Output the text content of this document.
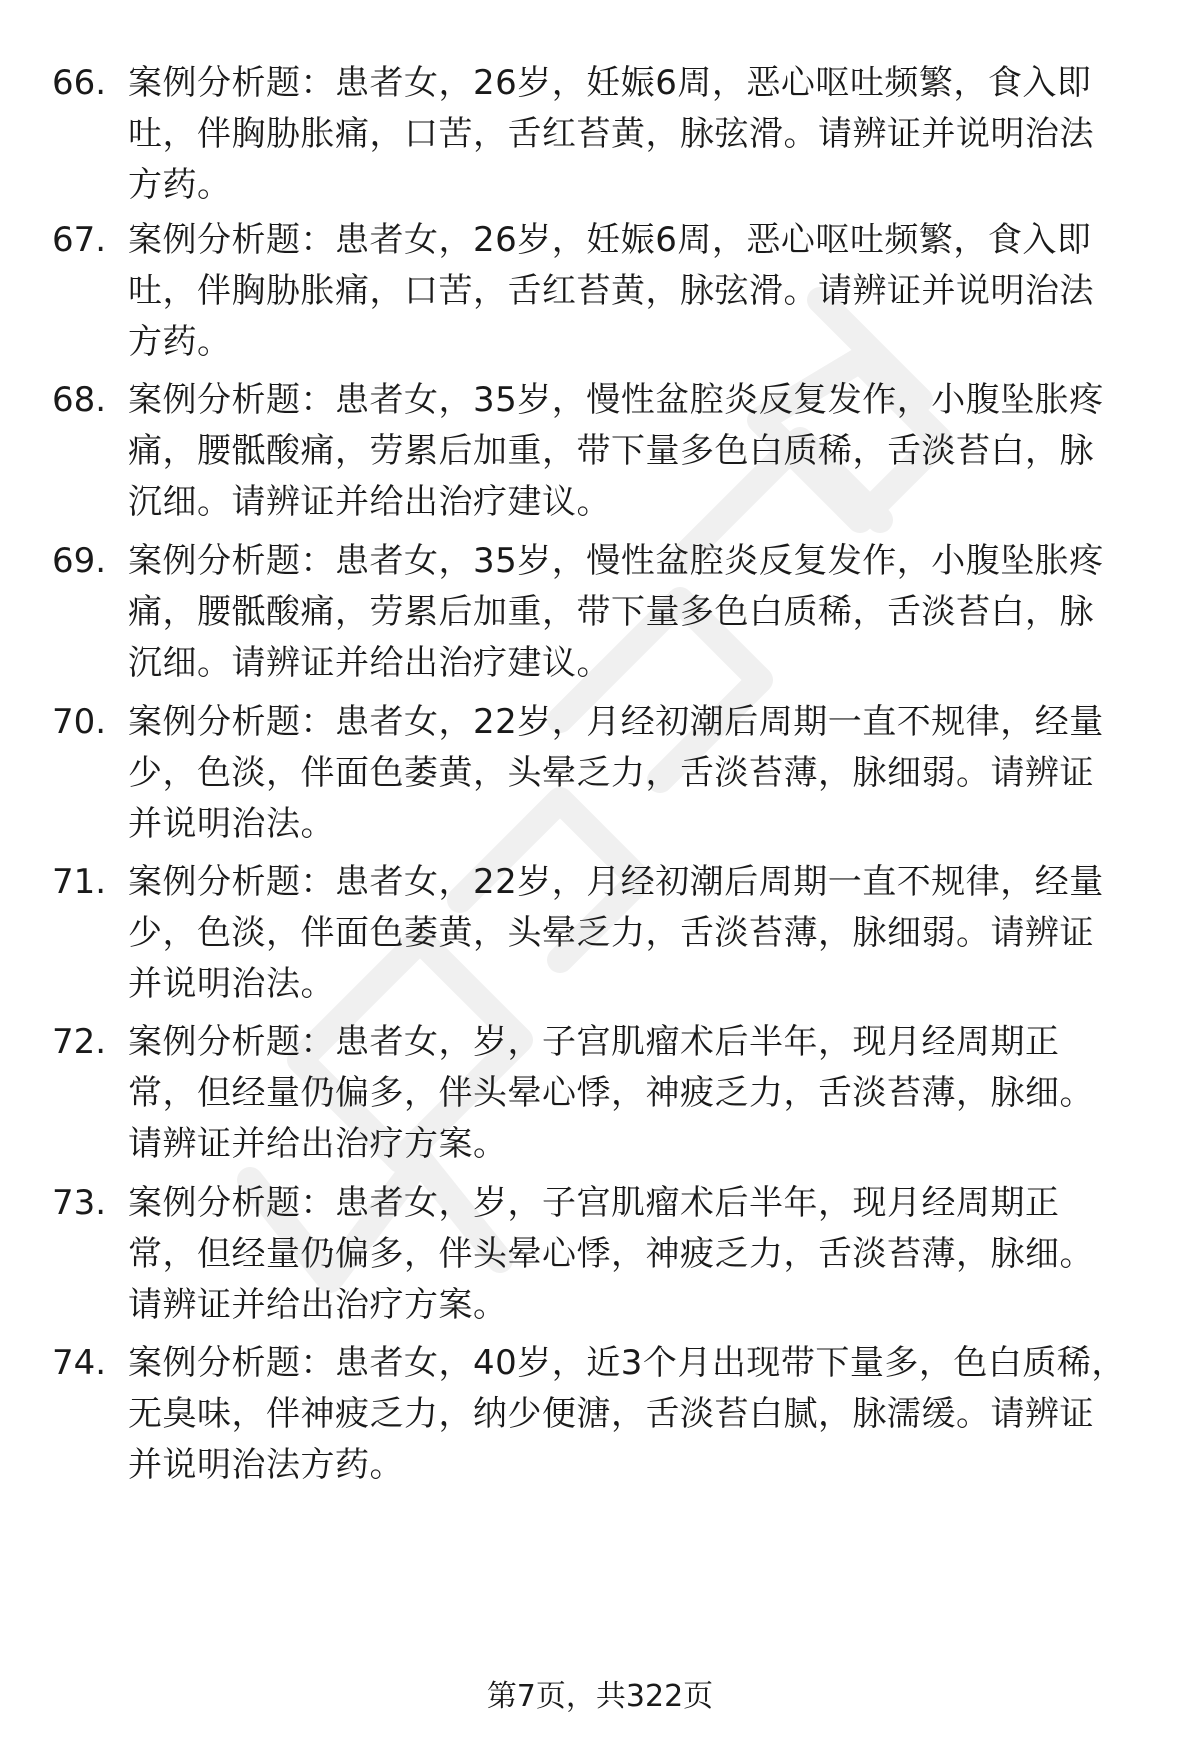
66. 案例分析题：患者女，26岁，妊娠6周，恶心呕吐频繁，食入即吐，伴胸胁胀痛，口苦，舌红苔黄，脉弦滑。请辨证并说明治法方药。
67. 案例分析题：患者女，26岁，妊娠6周，恶心呕吐频繁，食入即吐，伴胸胁胀痛，口苦，舌红苔黄，脉弦滑。请辨证并说明治法方药。
68. 案例分析题：患者女，35岁，慢性盆腔炎反复发作，小腹坠胀疼痛，腰骶酸痛，劳累后加重，带下量多色白质稀，舌淡苔白，脉沉细。请辨证并给出治疗建议。
69. 案例分析题：患者女，35岁，慢性盆腔炎反复发作，小腹坠胀疼痛，腰骶酸痛，劳累后加重，带下量多色白质稀，舌淡苔白，脉沉细。请辨证并给出治疗建议。
70. 案例分析题：患者女，22岁，月经初潮后周期一直不规律，经量少，色淡，伴面色萎黄，头晕乏力，舌淡苔薄，脉细弱。请辨证并说明治法。
71. 案例分析题：患者女，22岁，月经初潮后周期一直不规律，经量少，色淡，伴面色萎黄，头晕乏力，舌淡苔薄，脉细弱。请辨证并说明治法。
72. 案例分析题：患者女，岁，子宫肌瘤术后半年，现月经周期正常，但经量仍偏多，伴头晕心悸，神疲乏力，舌淡苔薄，脉细。请辨证并给出治疗方案。
73. 案例分析题：患者女，岁，子宫肌瘤术后半年，现月经周期正常，但经量仍偏多，伴头晕心悸，神疲乏力，舌淡苔薄，脉细。请辨证并给出治疗方案。
74. 案例分析题：患者女，40岁，近3个月出现带下量多，色白质稀，无臭味，伴神疲乏力，纳少便溏，舌淡苔白腻，脉濡缓。请辨证并说明治法方药。
第7页，共322页
